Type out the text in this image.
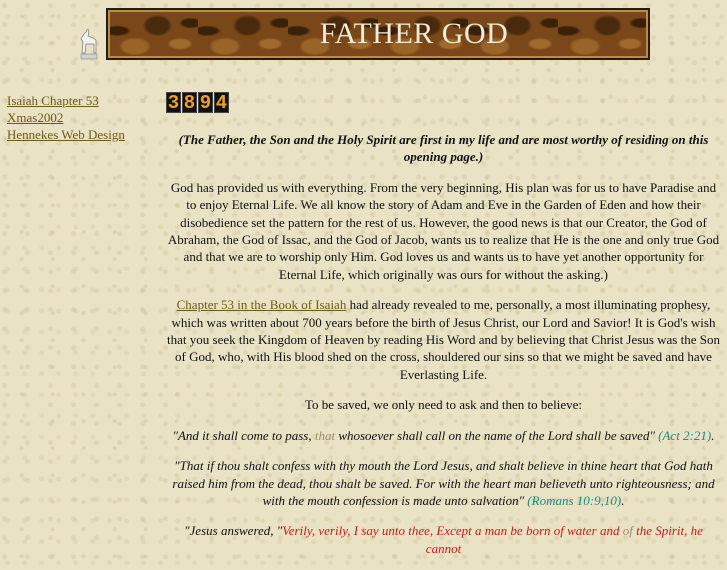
FATHER GOD
Isaiah Chapter 53
Xmas2002
Hennekes Web Design
3 8 9 4

(The Father, the Son and the Holy Spirit are first in my life and are most worthy of residing on this opening page.)

God has provided us with everything. From the very beginning, His plan was for us to have Paradise and to enjoy Eternal Life. We all know the story of Adam and Eve in the Garden of Eden and how their disobedience set the pattern for the rest of us. However, the good news is that our Creator, the God of Abraham, the God of Issac, and the God of Jacob, wants us to realize that He is the one and only true God and that we are to worship only Him. God loves us and wants us to have yet another opportunity for Eternal Life, which originally was ours for without the asking.)

Chapter 53 in the Book of Isaiah had already revealed to me, personally, a most illuminating prophesy, which was written about 700 years before the birth of Jesus Christ, our Lord and Savior! It is God's wish that you seek the Kingdom of Heaven by reading His Word and by believing that Christ Jesus was the Son of God, who, with His blood shed on the cross, shouldered our sins so that we might be saved and have Everlasting Life.

To be saved, we only need to ask and then to believe:

"And it shall come to pass, that whosoever shall call on the name of the Lord shall be saved" (Act 2:21).

"That if thou shalt confess with thy mouth the Lord Jesus, and shalt believe in thine heart that God hath raised him from the dead, thou shalt be saved. For with the heart man believeth unto righteousness; and with the mouth confession is made unto salvation" (Romans 10:9,10).

"Jesus answered, "Verily, verily, I say unto thee, Except a man be born of water and of the Spirit, he cannot
